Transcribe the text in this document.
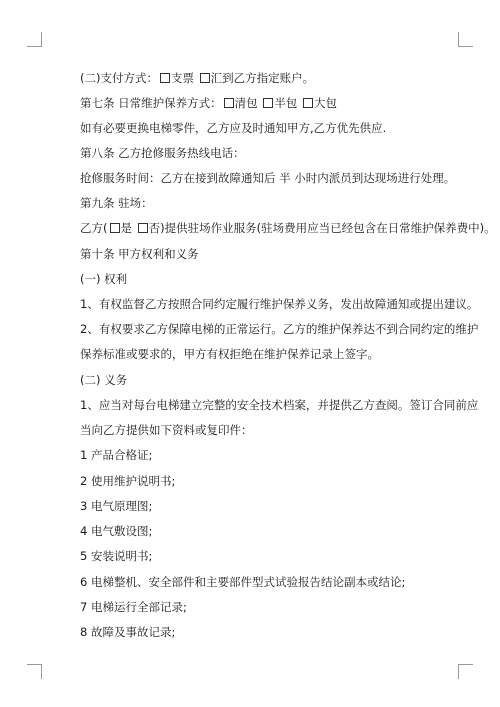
(二)支付方式： 支票 汇到乙方指定账户。
第七条 日常维护保养方式： 清包 半包 大包
如有必要更换电梯零件，乙方应及时通知甲方,乙方优先供应.
第八条 乙方抢修服务热线电话：
抢修服务时间：乙方在接到故障通知后 半 小时内派员到达现场进行处理。
第九条 驻场：
乙方( 是 否)提供驻场作业服务(驻场费用应当已经包含在日常维护保养费中)。
第十条 甲方权利和义务
(一) 权利
1、有权监督乙方按照合同约定履行维护保养义务，发出故障通知或提出建议。
2、有权要求乙方保障电梯的正常运行。乙方的维护保养达不到合同约定的维护
保养标准或要求的，甲方有权拒绝在维护保养记录上签字。
(二) 义务
1、应当对每台电梯建立完整的安全技术档案，并提供乙方查阅。签订合同前应
当向乙方提供如下资料或复印件：
1 产品合格证;
2 使用维护说明书;
3 电气原理图;
4 电气敷设图;
5 安装说明书;
6 电梯整机、安全部件和主要部件型式试验报告结论副本或结论;
7 电梯运行全部记录;
8 故障及事故记录;
